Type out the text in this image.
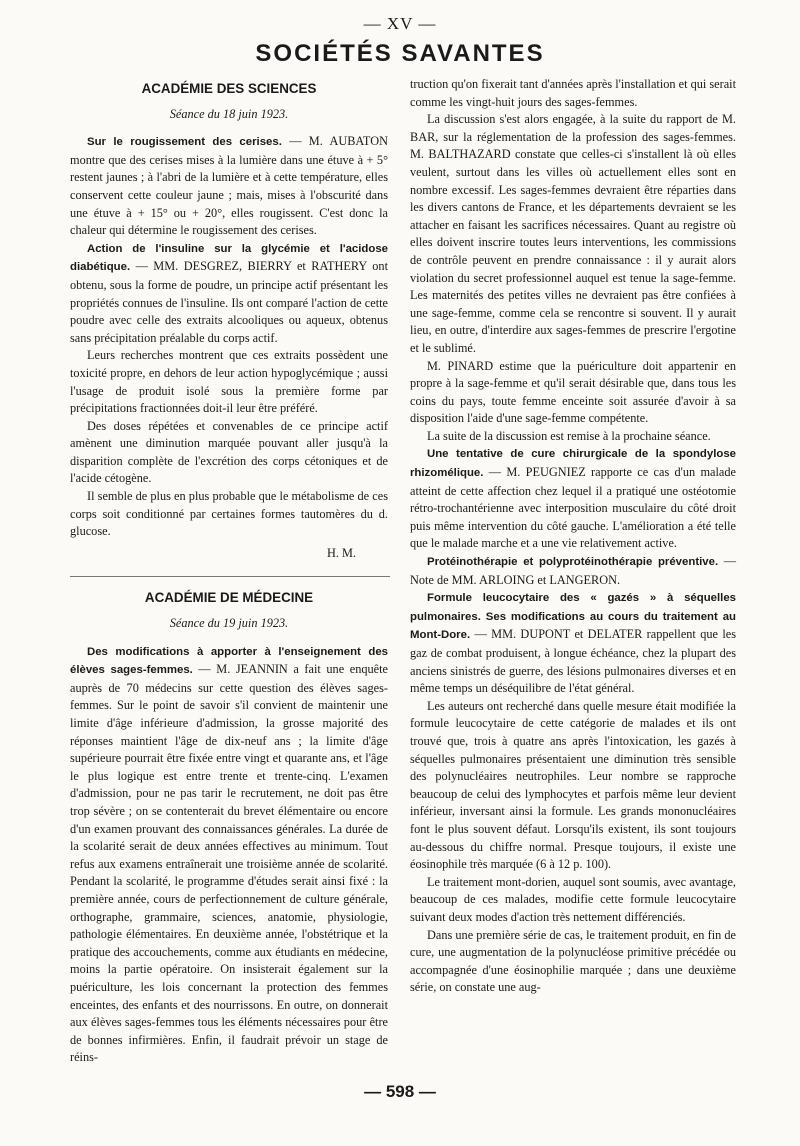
— XV —
SOCIÉTÉS SAVANTES
ACADÉMIE DES SCIENCES
Séance du 18 juin 1923.

Sur le rougissement des cerises. — M. AUBATON montre que des cerises mises à la lumière dans une étuve à + 5° restent jaunes ; à l'abri de la lumière et à cette température, elles conservent cette couleur jaune ; mais, mises à l'obscurité dans une étuve à + 15° ou + 20°, elles rougissent. C'est donc la chaleur qui détermine le rougissement des cerises.

Action de l'insuline sur la glycémie et l'acidose diabétique. — MM. DESGREZ, BIERRY et RATHERY ont obtenu, sous la forme de poudre, un principe actif présentant les propriétés connues de l'insuline. Ils ont comparé l'action de cette poudre avec celle des extraits alcooliques ou aqueux, obtenus sans précipitation préalable du corps actif.

Leurs recherches montrent que ces extraits possèdent une toxicité propre, en dehors de leur action hypoglycémique ; aussi l'usage de produit isolé sous la première forme par précipitations fractionnées doit-il leur être préféré.

Des doses répétées et convenables de ce principe actif amènent une diminution marquée pouvant aller jusqu'à la disparition complète de l'excrétion des corps cétoniques et de l'acide cétogène.

Il semble de plus en plus probable que le métabolisme de ces corps soit conditionné par certaines formes tautomères du d. glucose.

H. M.
ACADÉMIE DE MÉDECINE
Séance du 19 juin 1923.

Des modifications à apporter à l'enseignement des élèves sages-femmes. — M. JEANNIN a fait une enquête auprès de 70 médecins sur cette question des élèves sages-femmes. Sur le point de savoir s'il convient de maintenir une limite d'âge inférieure d'admission, la grosse majorité des réponses maintient l'âge de dix-neuf ans ; la limite d'âge supérieure pourrait être fixée entre vingt et quarante ans, et l'âge le plus logique est entre trente et trente-cinq. L'examen d'admission, pour ne pas tarir le recrutement, ne doit pas être trop sévère ; on se contenterait du brevet élémentaire ou encore d'un examen prouvant des connaissances générales. La durée de la scolarité serait de deux années effectives au minimum. Tout refus aux examens entraînerait une troisième année de scolarité. Pendant la scolarité, le programme d'études serait ainsi fixé : la première année, cours de perfectionnement de culture générale, orthographe, grammaire, sciences, anatomie, physiologie, pathologie élémentaires. En deuxième année, l'obstétrique et la pratique des accouchements, comme aux étudiants en médecine, moins la partie opératoire. On insisterait également sur la puériculture, les lois concernant la protection des femmes enceintes, des enfants et des nourrissons. En outre, on donnerait aux élèves sages-femmes tous les éléments nécessaires pour être de bonnes infirmières. Enfin, il faudrait prévoir un stage de réins-

truction qu'on fixerait tant d'années après l'installation et qui serait comme les vingt-huit jours des sages-femmes.

La discussion s'est alors engagée, à la suite du rapport de M. BAR, sur la réglementation de la profession des sages-femmes. M. BALTHAZARD constate que celles-ci s'installent là où elles veulent, surtout dans les villes où actuellement elles sont en nombre excessif. Les sages-femmes devraient être réparties dans les divers cantons de France, et les départements devraient se les attacher en faisant les sacrifices nécessaires. Quant au registre où elles doivent inscrire toutes leurs interventions, les commissions de contrôle peuvent en prendre connaissance : il y aurait alors violation du secret professionnel auquel est tenue la sage-femme. Les maternités des petites villes ne devraient pas être confiées à une sage-femme, comme cela se rencontre si souvent. Il y aurait lieu, en outre, d'interdire aux sages-femmes de prescrire l'ergotine et le sublimé.

M. PINARD estime que la puériculture doit appartenir en propre à la sage-femme et qu'il serait désirable que, dans tous les coins du pays, toute femme enceinte soit assurée d'avoir à sa disposition l'aide d'une sage-femme compétente.

La suite de la discussion est remise à la prochaine séance.

Une tentative de cure chirurgicale de la spondylose rhizomélique. — M. PEUGNIEZ rapporte ce cas d'un malade atteint de cette affection chez lequel il a pratiqué une ostéotomie rétro-trochantérienne avec interposition musculaire du côté droit puis même intervention du côté gauche. L'amélioration a été telle que le malade marche et a une vie relativement active.

Protéinothérapie et polyprotéinothérapie préventive. — Note de MM. ARLOING et LANGERON.

Formule leucocytaire des « gazés » à séquelles pulmonaires. Ses modifications au cours du traitement au Mont-Dore. — MM. DUPONT et DELATER rappellent que les gaz de combat produisent, à longue échéance, chez la plupart des anciens sinistrés de guerre, des lésions pulmonaires diverses et en même temps un déséquilibre de l'état général.

Les auteurs ont recherché dans quelle mesure était modifiée la formule leucocytaire de cette catégorie de malades et ils ont trouvé que, trois à quatre ans après l'intoxication, les gazés à séquelles pulmonaires présentaient une diminution très sensible des polynucléaires neutrophiles. Leur nombre se rapproche beaucoup de celui des lymphocytes et parfois même leur devient inférieur, inversant ainsi la formule. Les grands mononucléaires font le plus souvent défaut. Lorsqu'ils existent, ils sont toujours au-dessous du chiffre normal. Presque toujours, il existe une éosinophile très marquée (6 à 12 p. 100).

Le traitement mont-dorien, auquel sont soumis, avec avantage, beaucoup de ces malades, modifie cette formule leucocytaire suivant deux modes d'action très nettement différenciés.

Dans une première série de cas, le traitement produit, en fin de cure, une augmentation de la polynucléose primitive précédée ou accompagnée d'une éosinophilie marquée ; dans une deuxième série, on constate une aug-

— 598 —
